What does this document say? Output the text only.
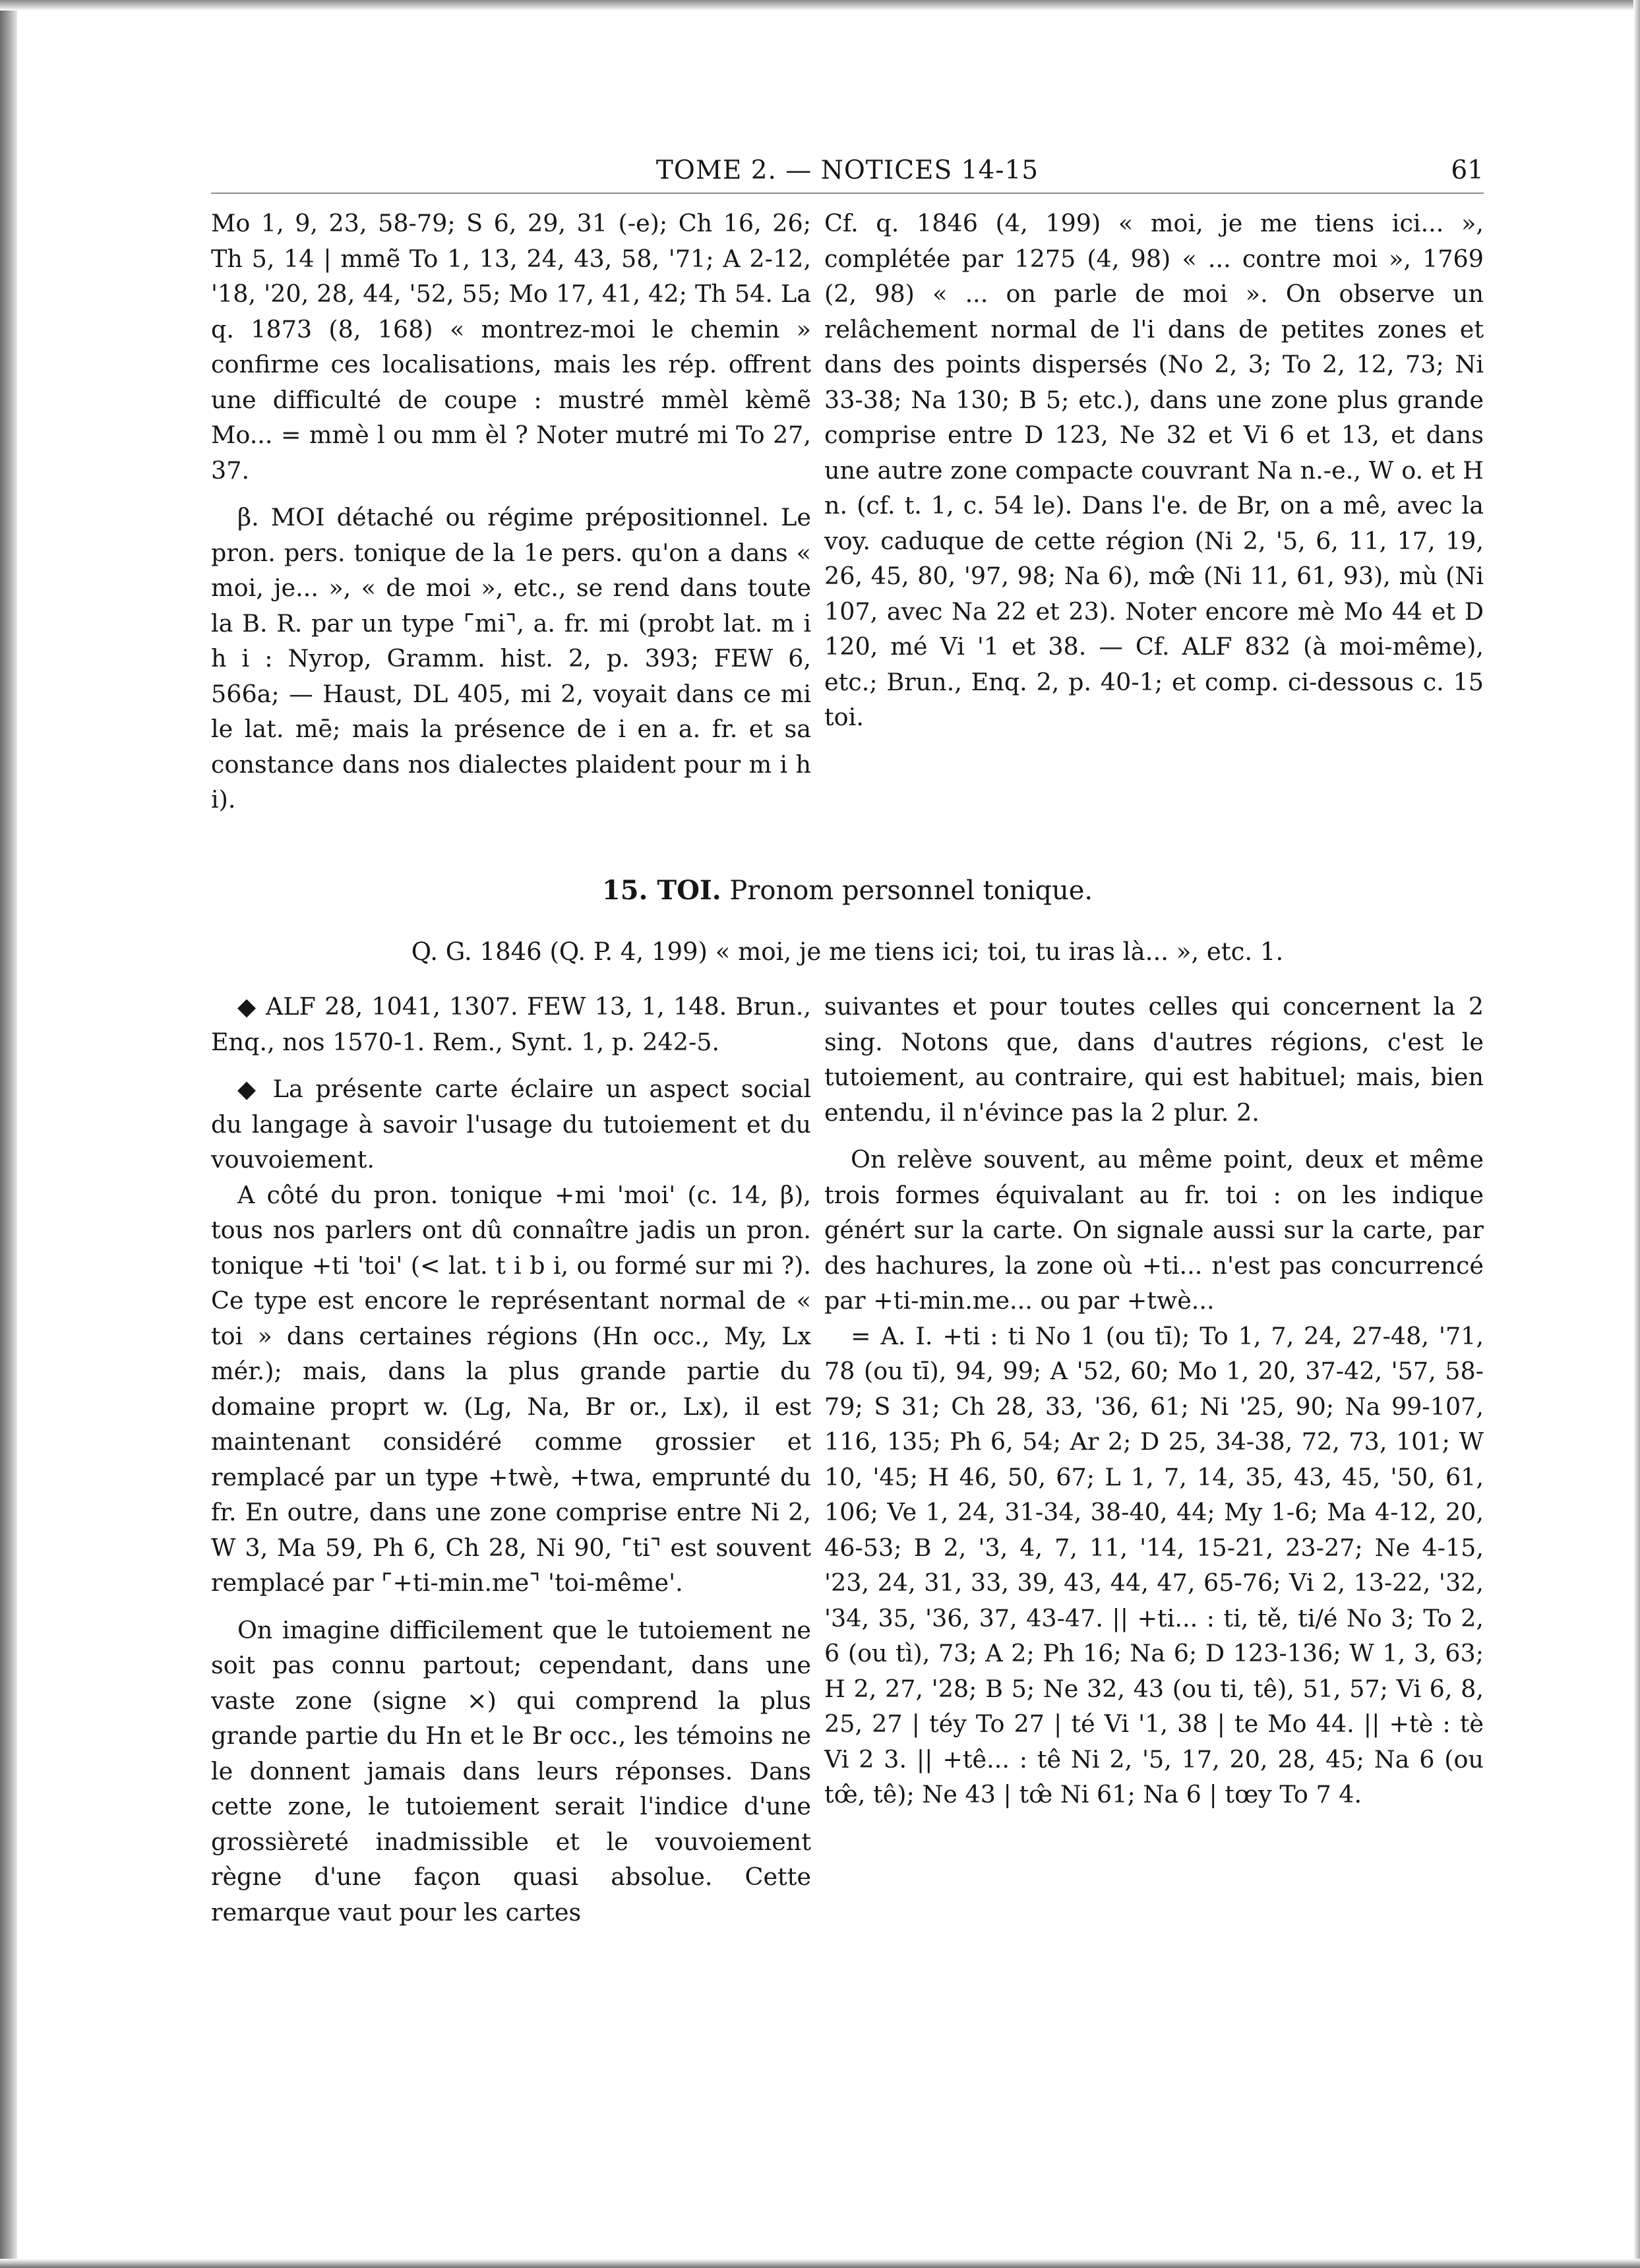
TOME 2. — NOTICES 14-15	61

Mo 1, 9, 23, 58-79; S 6, 29, 31 (-e); Ch 16, 26; Th 5, 14 | mmẽ To 1, 13, 24, 43, 58, '71; A 2-12, '18, '20, 28, 44, '52, 55; Mo 17, 41, 42; Th 54. La q. 1873 (8, 168) « montrez-moi le chemin » confirme ces localisations, mais les rép. offrent une difficulté de coupe : mustré mmèl kèmẽ Mo... = mmè l ou mm èl ? Noter mutré mi To 27, 37.

β. MOI détaché ou régime prépositionnel. Le pron. pers. tonique de la 1e pers. qu'on a dans « moi, je... », « de moi », etc., se rend dans toute la B. R. par un type ⌜mi⌝, a. fr. mi (probt lat. m i h i : Nyrop, Gramm. hist. 2, p. 393; FEW 6, 566a; — Haust, DL 405, mi 2, voyait dans ce mi le lat. mē; mais la présence de i en a. fr. et sa constance dans nos dialectes plaident pour m i h i).

Cf. q. 1846 (4, 199) « moi, je me tiens ici... », complétée par 1275 (4, 98) « ... contre moi », 1769 (2, 98) « ... on parle de moi ». On observe un relâchement normal de l'i dans de petites zones et dans des points dispersés (No 2, 3; To 2, 12, 73; Ni 33-38; Na 130; B 5; etc.), dans une zone plus grande comprise entre D 123, Ne 32 et Vi 6 et 13, et dans une autre zone compacte couvrant Na n.-e., W o. et H n. (cf. t. 1, c. 54 le). Dans l'e. de Br, on a mê, avec la voy. caduque de cette région (Ni 2, '5, 6, 11, 17, 19, 26, 45, 80, '97, 98; Na 6), mœ̂ (Ni 11, 61, 93), mù (Ni 107, avec Na 22 et 23). Noter encore mè Mo 44 et D 120, mé Vi '1 et 38. — Cf. ALF 832 (à moi-même), etc.; Brun., Enq. 2, p. 40-1; et comp. ci-dessous c. 15 toi.

15. TOI. Pronom personnel tonique.
Q. G. 1846 (Q. P. 4, 199) « moi, je me tiens ici; toi, tu iras là... », etc. 1.

◆ ALF 28, 1041, 1307. FEW 13, 1, 148. Brun., Enq., nos 1570-1. Rem., Synt. 1, p. 242-5.

◆ La présente carte éclaire un aspect social du langage à savoir l'usage du tutoiement et du vouvoiement.

A côté du pron. tonique +mi 'moi' (c. 14, β), tous nos parlers ont dû connaître jadis un pron. tonique +ti 'toi' (< lat. t i b i, ou formé sur mi ?). Ce type est encore le représentant normal de « toi » dans certaines régions (Hn occ., My, Lx mér.); mais, dans la plus grande partie du domaine proprt w. (Lg, Na, Br or., Lx), il est maintenant considéré comme grossier et remplacé par un type +twè, +twa, emprunté du fr. En outre, dans une zone comprise entre Ni 2, W 3, Ma 59, Ph 6, Ch 28, Ni 90, ⌜ti⌝ est souvent remplacé par ⌜+ti-min.me⌝ 'toi-même'.

On imagine difficilement que le tutoiement ne soit pas connu partout; cependant, dans une vaste zone (signe ×) qui comprend la plus grande partie du Hn et le Br occ., les témoins ne le donnent jamais dans leurs réponses. Dans cette zone, le tutoiement serait l'indice d'une grossièreté inadmissible et le vouvoiement règne d'une façon quasi absolue. Cette remarque vaut pour les cartes

suivantes et pour toutes celles qui concernent la 2 sing. Notons que, dans d'autres régions, c'est le tutoiement, au contraire, qui est habituel; mais, bien entendu, il n'évince pas la 2 plur. 2.

On relève souvent, au même point, deux et même trois formes équivalant au fr. toi : on les indique génért sur la carte. On signale aussi sur la carte, par des hachures, la zone où +ti... n'est pas concurrencé par +ti-min.me... ou par +twè...

= A. I. +ti : ti No 1 (ou tī); To 1, 7, 24, 27-48, '71, 78 (ou tī), 94, 99; A '52, 60; Mo 1, 20, 37-42, '57, 58-79; S 31; Ch 28, 33, '36, 61; Ni '25, 90; Na 99-107, 116, 135; Ph 6, 54; Ar 2; D 25, 34-38, 72, 73, 101; W 10, '45; H 46, 50, 67; L 1, 7, 14, 35, 43, 45, '50, 61, 106; Ve 1, 24, 31-34, 38-40, 44; My 1-6; Ma 4-12, 20, 46-53; B 2, '3, 4, 7, 11, '14, 15-21, 23-27; Ne 4-15, '23, 24, 31, 33, 39, 43, 44, 47, 65-76; Vi 2, 13-22, '32, '34, 35, '36, 37, 43-47. || +ti... : ti, tě, ti/é No 3; To 2, 6 (ou tì), 73; A 2; Ph 16; Na 6; D 123-136; W 1, 3, 63; H 2, 27, '28; B 5; Ne 32, 43 (ou ti, tê), 51, 57; Vi 6, 8, 25, 27 | téy To 27 | té Vi '1, 38 | te Mo 44. || +tè : tè Vi 2 3. || +tê... : tê Ni 2, '5, 17, 20, 28, 45; Na 6 (ou tœ̂, tê); Ne 43 | tœ̂ Ni 61; Na 6 | tœy To 7 4.
